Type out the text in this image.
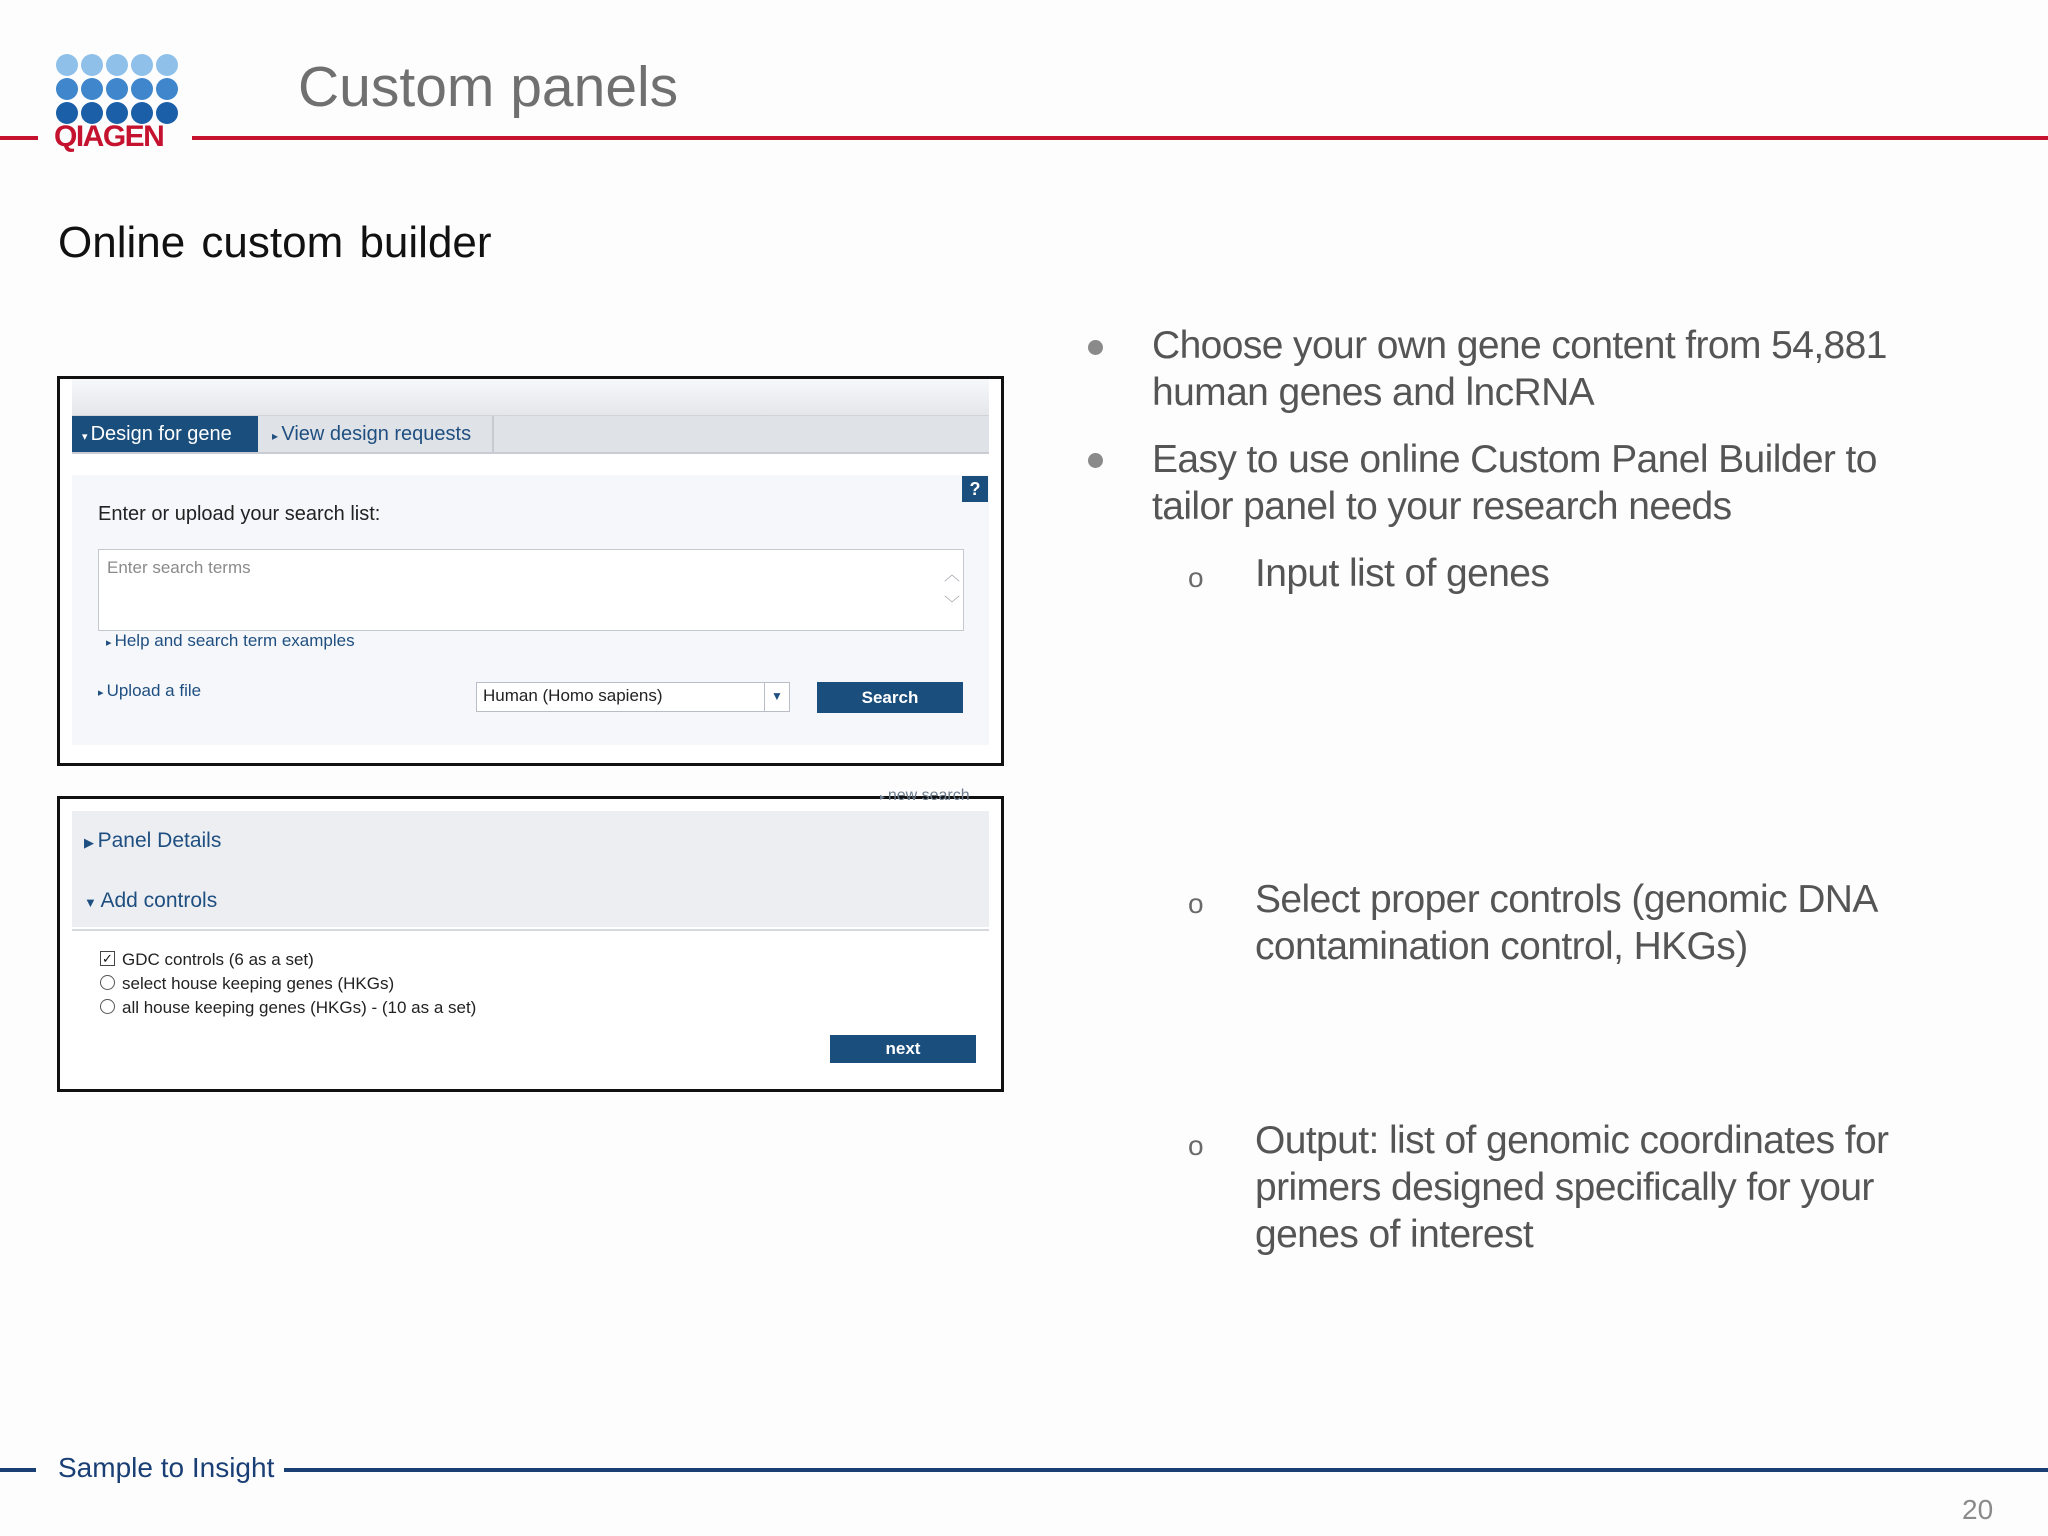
QIAGEN
Custom panels
Online custom builder
▾ Design for gene	▸ View design requests
?
Enter or upload your search list:
Enter search terms	︿
﹀
▸ Help and search term examples
▸ Upload a file	Human (Homo sapiens)	▼	Search
▸ new search
▶ Panel Details
▼ Add controls
✓ GDC controls (6 as a set)
select house keeping genes (HKGs)
all house keeping genes (HKGs) - (10 as a set)
next
Choose your own gene content from 54,881 human genes and lncRNA
Easy to use online Custom Panel Builder to tailor panel to your research needs
o Input list of genes
o Select proper controls (genomic DNA contamination control, HKGs)
o Output: list of genomic coordinates for primers designed specifically for your genes of interest
Sample to Insight
20
